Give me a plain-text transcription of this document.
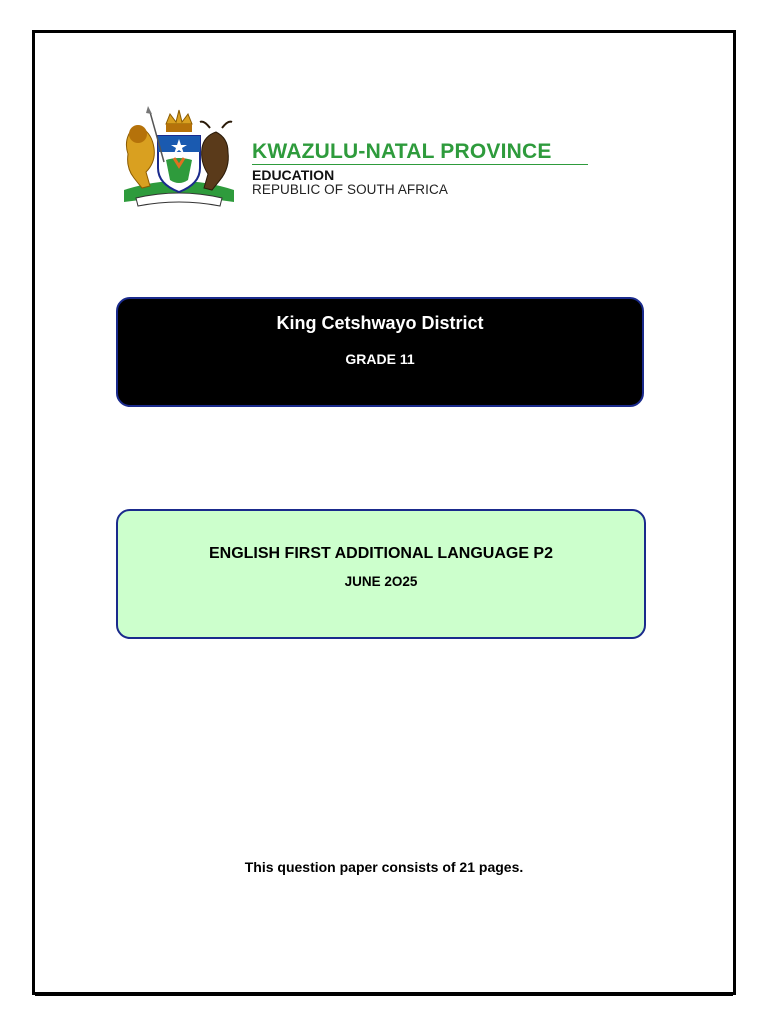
KWAZULU-NATAL PROVINCE
EDUCATION
REPUBLIC OF SOUTH AFRICA
King Cetshwayo District
GRADE 11
ENGLISH FIRST ADDITIONAL LANGUAGE P2
JUNE 2O25
This question paper consists of 21 pages.
